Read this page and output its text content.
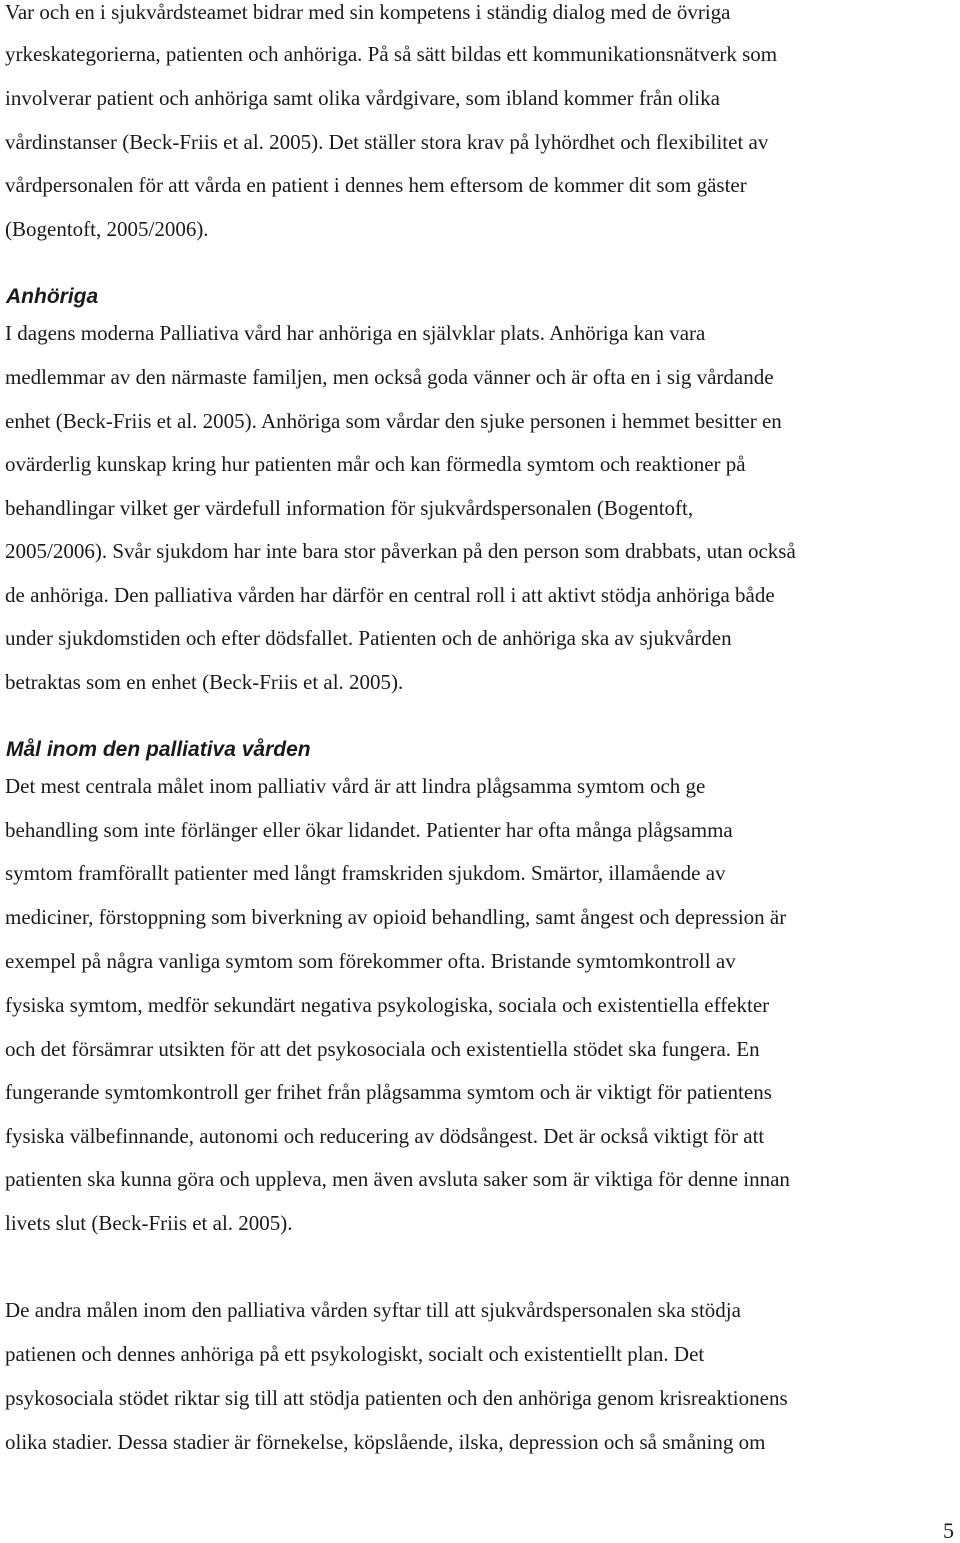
Var och en i sjukvårdsteamet bidrar med sin kompetens i ständig dialog med de övriga
yrkeskategorierna, patienten och anhöriga. På så sätt bildas ett kommunikationsnätverk som
involverar patient och anhöriga samt olika vårdgivare, som ibland kommer från olika
vårdinstanser (Beck-Friis et al. 2005). Det ställer stora krav på lyhördhet och flexibilitet av
vårdpersonalen för att vårda en patient i dennes hem eftersom de kommer dit som gäster
(Bogentoft, 2005/2006).
Anhöriga
I dagens moderna Palliativa vård har anhöriga en självklar plats. Anhöriga kan vara
medlemmar av den närmaste familjen, men också goda vänner och är ofta en i sig vårdande
enhet (Beck-Friis et al. 2005). Anhöriga som vårdar den sjuke personen i hemmet besitter en
ovärderlig kunskap kring hur patienten mår och kan förmedla symtom och reaktioner på
behandlingar vilket ger värdefull information för sjukvårdspersonalen (Bogentoft,
2005/2006). Svår sjukdom har inte bara stor påverkan på den person som drabbats, utan också
de anhöriga. Den palliativa vården har därför en central roll i att aktivt stödja anhöriga både
under sjukdomstiden och efter dödsfallet. Patienten och de anhöriga ska av sjukvården
betraktas som en enhet (Beck-Friis et al. 2005).
Mål inom den palliativa vården
Det mest centrala målet inom palliativ vård är att lindra plågsamma symtom och ge
behandling som inte förlänger eller ökar lidandet. Patienter har ofta många plågsamma
symtom framförallt patienter med långt framskriden sjukdom. Smärtor, illamående av
mediciner, förstoppning som biverkning av opioid behandling, samt ångest och depression är
exempel på några vanliga symtom som förekommer ofta. Bristande symtomkontroll av
fysiska symtom, medför sekundärt negativa psykologiska, sociala och existentiella effekter
och det försämrar utsikten för att det psykosociala och existentiella stödet ska fungera. En
fungerande symtomkontroll ger frihet från plågsamma symtom och är viktigt för patientens
fysiska välbefinnande, autonomi och reducering av dödsångest. Det är också viktigt för att
patienten ska kunna göra och uppleva, men även avsluta saker som är viktiga för denne innan
livets slut (Beck-Friis et al. 2005).
De andra målen inom den palliativa vården syftar till att sjukvårdspersonalen ska stödja
patienen och dennes anhöriga på ett psykologiskt, socialt och existentiellt plan. Det
psykosociala stödet riktar sig till att stödja patienten och den anhöriga genom krisreaktionens
olika stadier. Dessa stadier är förnekelse, köpslående, ilska, depression och så småning om
5
